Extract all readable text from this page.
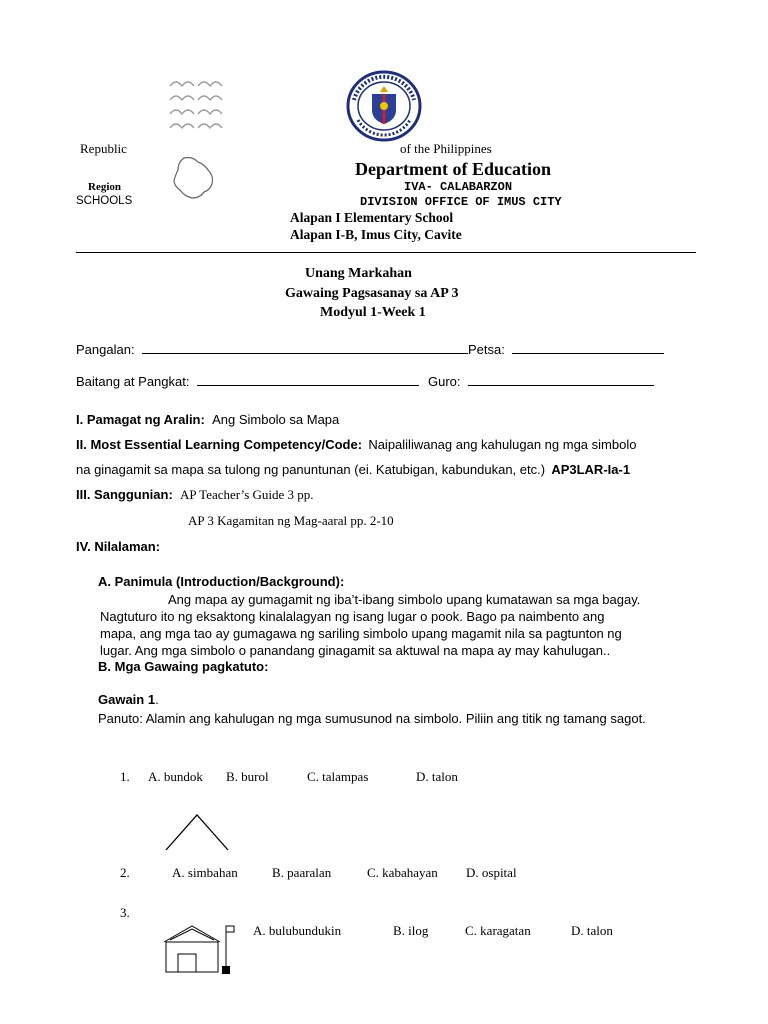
Republic	of the Philippines
Department of Education
Region
SCHOOLS
IVA- CALABARZON
DIVISION OFFICE OF IMUS CITY
Alapan I Elementary School
Alapan I-B, Imus City, Cavite
Unang Markahan
Gawaing Pagsasanay sa AP 3
Modyul 1-Week 1
Pangalan:	Petsa:
Baitang at Pangkat:	Guro:
I. Pamagat ng Aralin: Ang Simbolo sa Mapa
II. Most Essential Learning Competency/Code: Naipaliliwanag ang kahulugan ng mga simbolo
na ginagamit sa mapa sa tulong ng panuntunan (ei. Katubigan, kabundukan, etc.) AP3LAR-Ia-1
III. Sanggunian: AP Teacher’s Guide 3 pp.
AP 3 Kagamitan ng Mag-aaral pp. 2-10
IV. Nilalaman:
A. Panimula (Introduction/Background):
Ang mapa ay gumagamit ng iba’t-ibang simbolo upang kumatawan sa mga bagay.
Nagtuturo ito ng eksaktong kinalalagyan ng isang lugar o pook. Bago pa naimbento ang
mapa, ang mga tao ay gumagawa ng sariling simbolo upang magamit nila sa pagtunton ng
lugar. Ang mga simbolo o panandang ginagamit sa aktuwal na mapa ay may kahulugan..
B. Mga Gawaing pagkatuto:
Gawain 1.
Panuto: Alamin ang kahulugan ng mga sumusunod na simbolo. Piliin ang titik ng tamang sagot.
1. A. bundok B. burol	C. talampas	D. talon
2.	A. simbahan	B. paaralan	C. kabahayan D. ospital
3.
A. bulubundukin	B. ilog	C. karagatan	D. talon
